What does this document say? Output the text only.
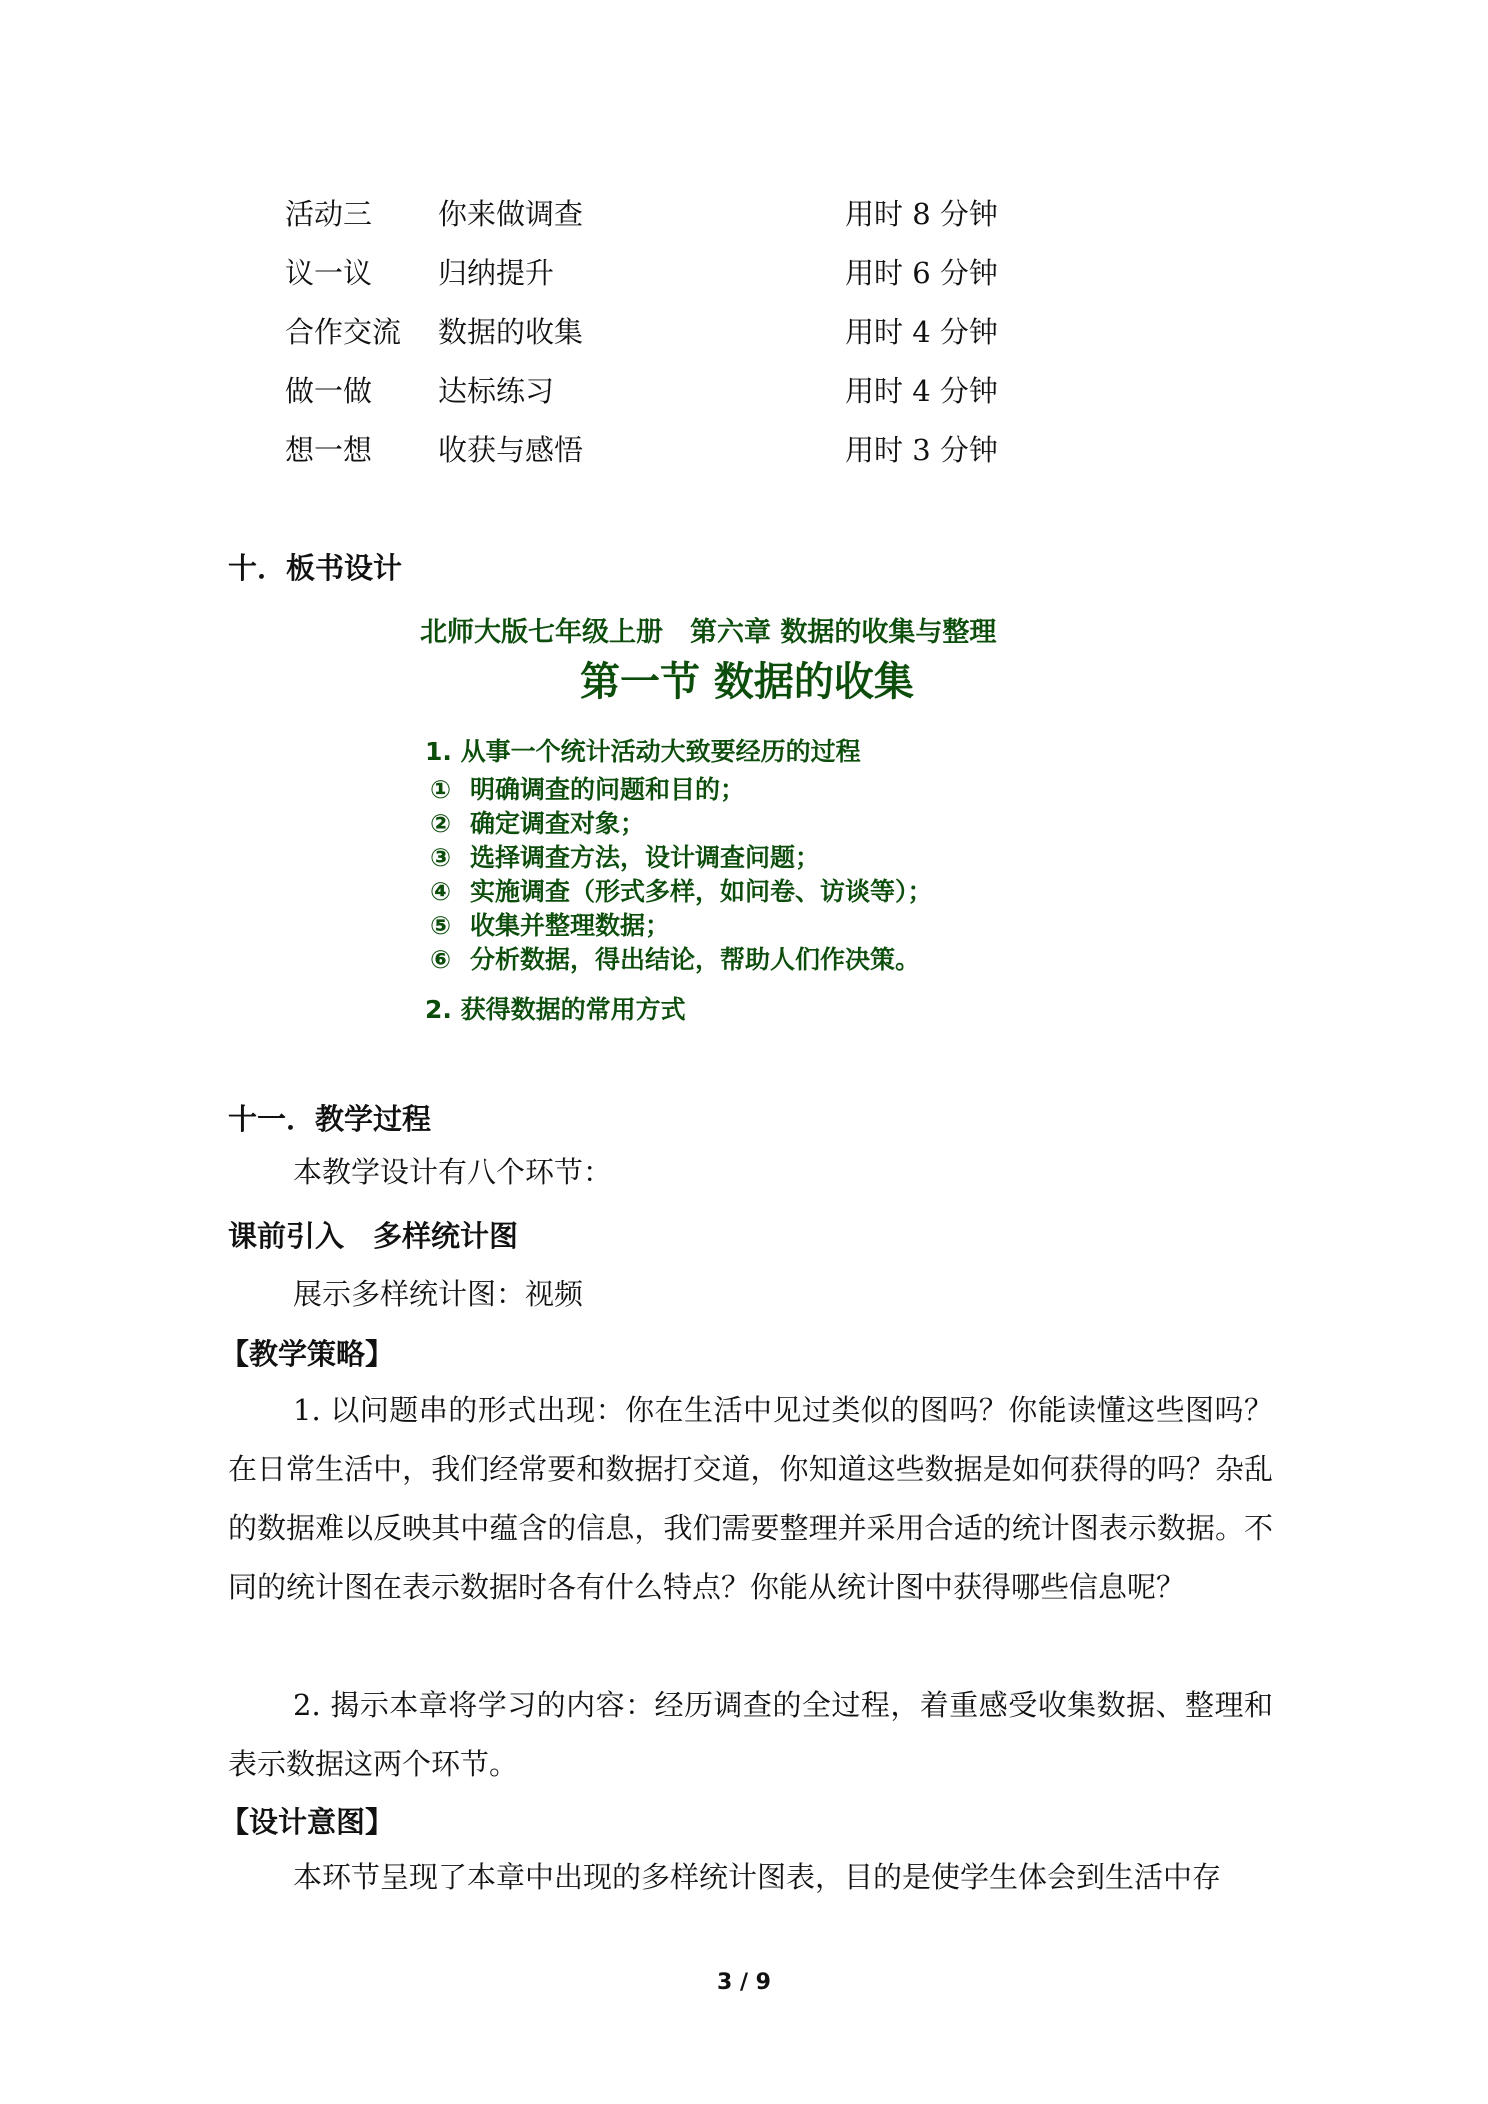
活动三 你来做调查	用时 8 分钟
议一议 归纳提升	用时 6 分钟
合作交流 数据的收集	用时 4 分钟
做一做 达标练习	用时 4 分钟
想一想 收获与感悟	用时 3 分钟
十．板书设计
北师大版七年级上册　第六章 数据的收集与整理
第一节 数据的收集
1. 从事一个统计活动大致要经历的过程
① 明确调查的问题和目的；
② 确定调查对象；
③ 选择调查方法，设计调查问题；
④ 实施调查（形式多样，如问卷、访谈等）；
⑤ 收集并整理数据；
⑥ 分析数据，得出结论，帮助人们作决策。
2. 获得数据的常用方式
十一．教学过程

本教学设计有八个环节：

课前引入　多样统计图

展示多样统计图：视频

【教学策略】

1. 以问题串的形式出现：你在生活中见过类似的图吗？你能读懂这些图吗？在日常生活中，我们经常要和数据打交道，你知道这些数据是如何获得的吗？杂乱的数据难以反映其中蕴含的信息，我们需要整理并采用合适的统计图表示数据。不同的统计图在表示数据时各有什么特点？你能从统计图中获得哪些信息呢？

2. 揭示本章将学习的内容：经历调查的全过程，着重感受收集数据、整理和表示数据这两个环节。

【设计意图】

本环节呈现了本章中出现的多样统计图表，目的是使学生体会到生活中存

3 / 9
